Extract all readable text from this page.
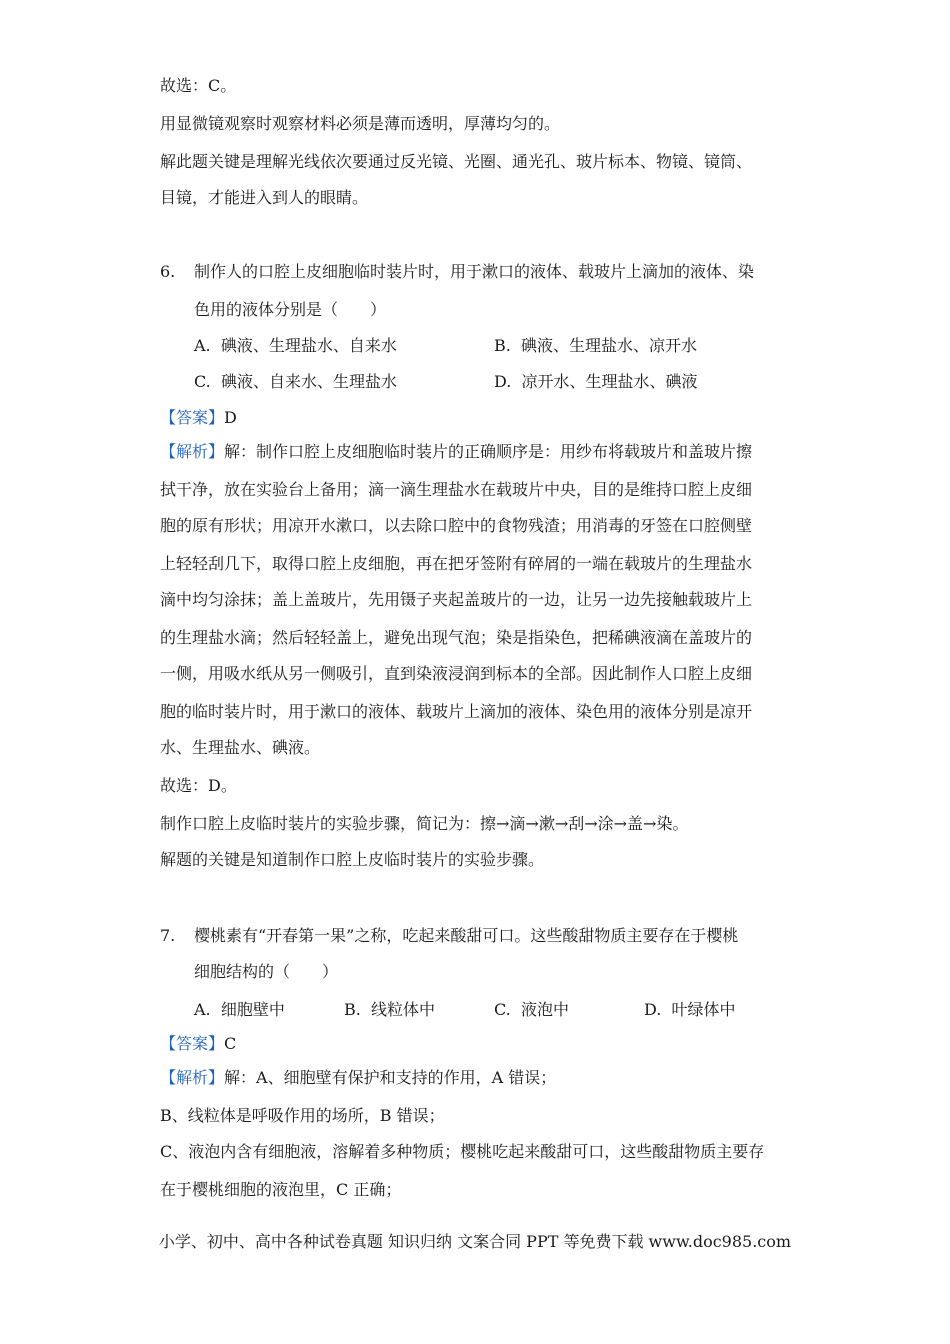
故选：C。
用显微镜观察时观察材料必须是薄而透明，厚薄均匀的。
解此题关键是理解光线依次要通过反光镜、光圈、通光孔、玻片标本、物镜、镜筒、
目镜，才能进入到人的眼睛。
6. 制作人的口腔上皮细胞临时装片时，用于漱口的液体、载玻片上滴加的液体、染
色用的液体分别是（　　）
A. 碘液、生理盐水、自来水	B. 碘液、生理盐水、凉开水
C. 碘液、自来水、生理盐水	D. 凉开水、生理盐水、碘液
【答案】D
【解析】解：制作口腔上皮细胞临时装片的正确顺序是：用纱布将载玻片和盖玻片擦
拭干净，放在实验台上备用；滴一滴生理盐水在载玻片中央，目的是维持口腔上皮细
胞的原有形状；用凉开水漱口，以去除口腔中的食物残渣；用消毒的牙签在口腔侧壁
上轻轻刮几下，取得口腔上皮细胞，再在把牙签附有碎屑的一端在载玻片的生理盐水
滴中均匀涂抹；盖上盖玻片，先用镊子夹起盖玻片的一边，让另一边先接触载玻片上
的生理盐水滴；然后轻轻盖上，避免出现气泡；染是指染色，把稀碘液滴在盖玻片的
一侧，用吸水纸从另一侧吸引，直到染液浸润到标本的全部。因此制作人口腔上皮细
胞的临时装片时，用于漱口的液体、载玻片上滴加的液体、染色用的液体分别是凉开
水、生理盐水、碘液。
故选：D。
制作口腔上皮临时装片的实验步骤，简记为：擦→滴→漱→刮→涂→盖→染。
解题的关键是知道制作口腔上皮临时装片的实验步骤。
7. 樱桃素有“开春第一果”之称，吃起来酸甜可口。这些酸甜物质主要存在于樱桃
细胞结构的（　　）
A. 细胞壁中	B. 线粒体中	C. 液泡中	D. 叶绿体中
【答案】C
【解析】解：A、细胞壁有保护和支持的作用，A 错误；
B、线粒体是呼吸作用的场所，B 错误；
C、液泡内含有细胞液，溶解着多种物质；樱桃吃起来酸甜可口，这些酸甜物质主要存
在于樱桃细胞的液泡里，C 正确；
小学、初中、高中各种试卷真题 知识归纳 文案合同 PPT 等免费下载 www.doc985.com
